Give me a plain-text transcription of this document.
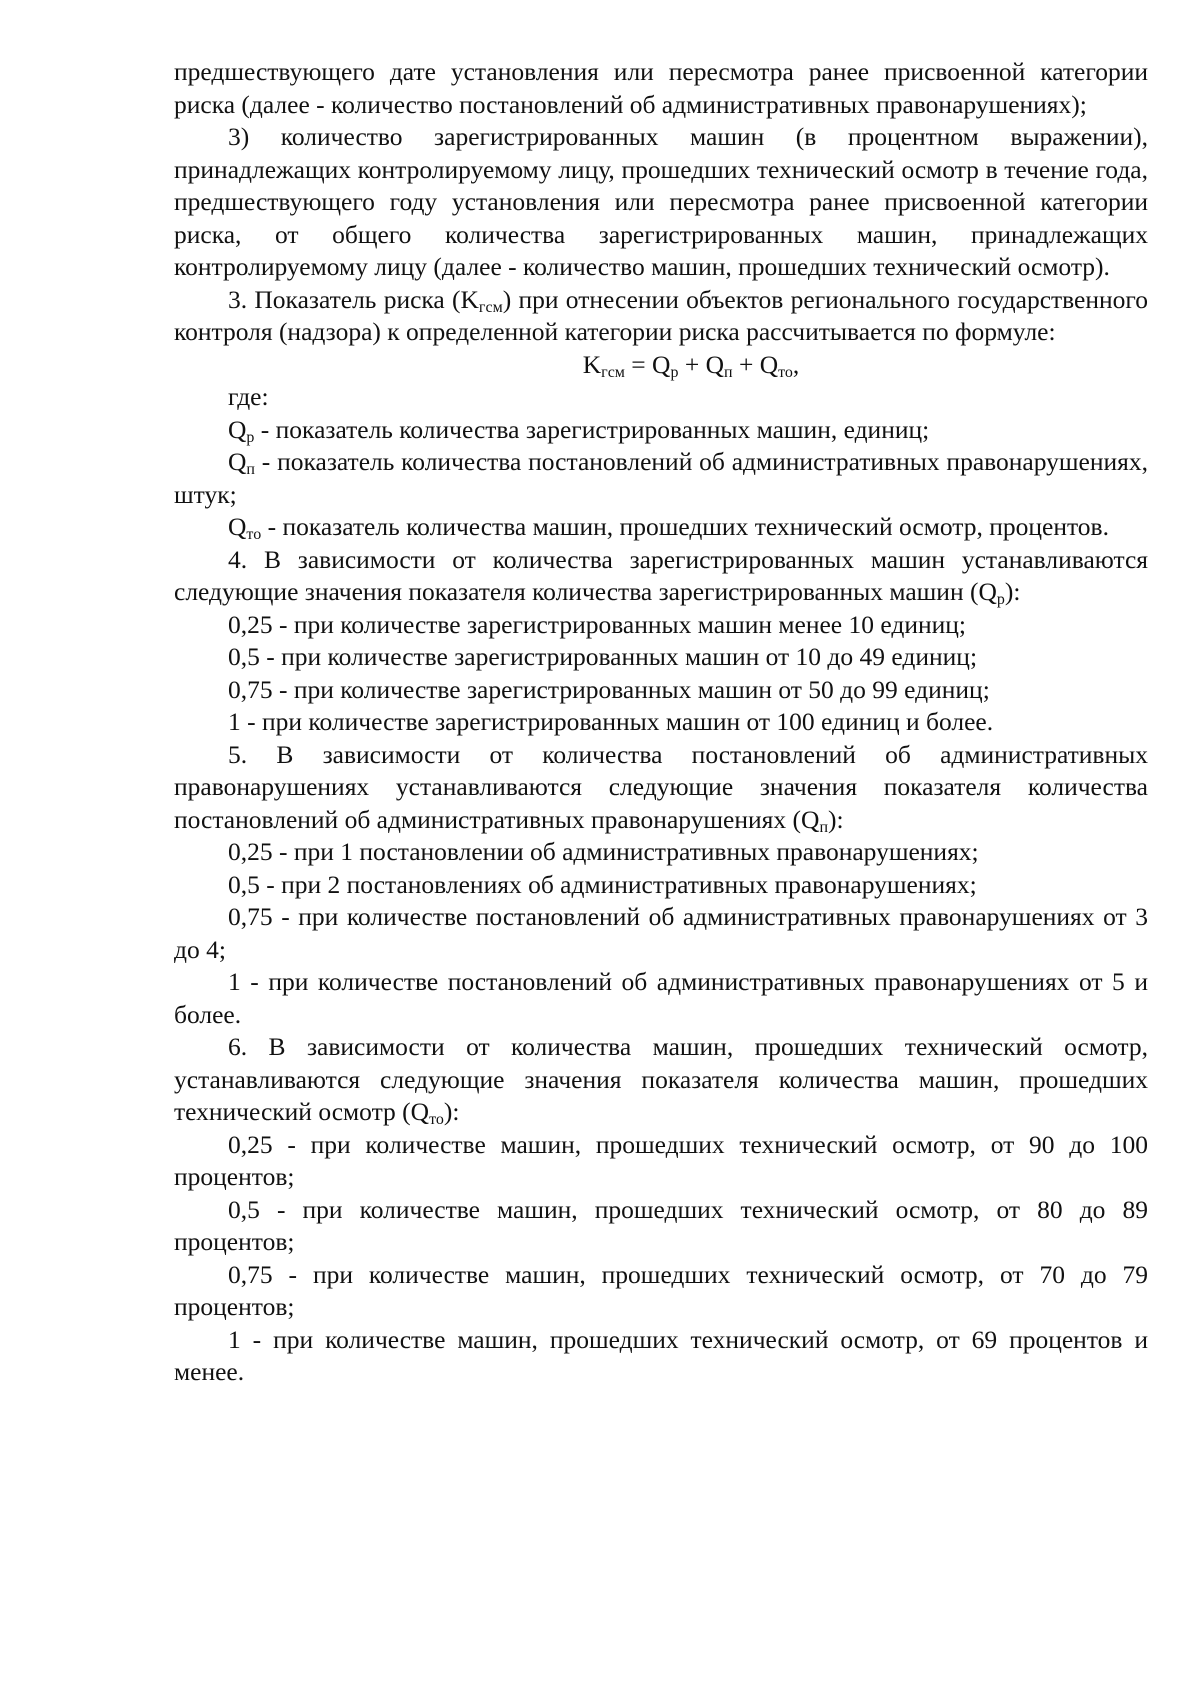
предшествующего дате установления или пересмотра ранее присвоенной категории риска (далее - количество постановлений об административных правонарушениях);

3) количество зарегистрированных машин (в процентном выражении), принадлежащих контролируемому лицу, прошедших технический осмотр в течение года, предшествующего году установления или пересмотра ранее присвоенной категории риска, от общего количества зарегистрированных машин, принадлежащих контролируемому лицу (далее - количество машин, прошедших технический осмотр).

3. Показатель риска $(K_{гсм})$ при отнесении объектов регионального государственного контроля (надзора) к определенной категории риска рассчитывается по формуле:

$K_{гсм} = Q_р + Q_п + Q_{то}$,

где:

$Q_р$ - показатель количества зарегистрированных машин, единиц;

$Q_п$ - показатель количества постановлений об административных правонарушениях, штук;

$Q_{то}$ - показатель количества машин, прошедших технический осмотр, процентов.

4. В зависимости от количества зарегистрированных машин устанавливаются следующие значения показателя количества зарегистрированных машин $(Q_р)$:

0,25 - при количестве зарегистрированных машин менее 10 единиц;

0,5 - при количестве зарегистрированных машин от 10 до 49 единиц;

0,75 - при количестве зарегистрированных машин от 50 до 99 единиц;

1 - при количестве зарегистрированных машин от 100 единиц и более.

5. В зависимости от количества постановлений об административных правонарушениях устанавливаются следующие значения показателя количества постановлений об административных правонарушениях $(Q_п)$:

0,25 - при 1 постановлении об административных правонарушениях;

0,5 - при 2 постановлениях об административных правонарушениях;

0,75 - при количестве постановлений об административных правонарушениях от 3 до 4;

1 - при количестве постановлений об административных правонарушениях от 5 и более.

6. В зависимости от количества машин, прошедших технический осмотр, устанавливаются следующие значения показателя количества машин, прошедших технический осмотр $(Q_{то})$:

0,25 - при количестве машин, прошедших технический осмотр, от 90 до 100 процентов;

0,5 - при количестве машин, прошедших технический осмотр, от 80 до 89 процентов;

0,75 - при количестве машин, прошедших технический осмотр, от 70 до 79 процентов;

1 - при количестве машин, прошедших технический осмотр, от 69 процентов и менее.
